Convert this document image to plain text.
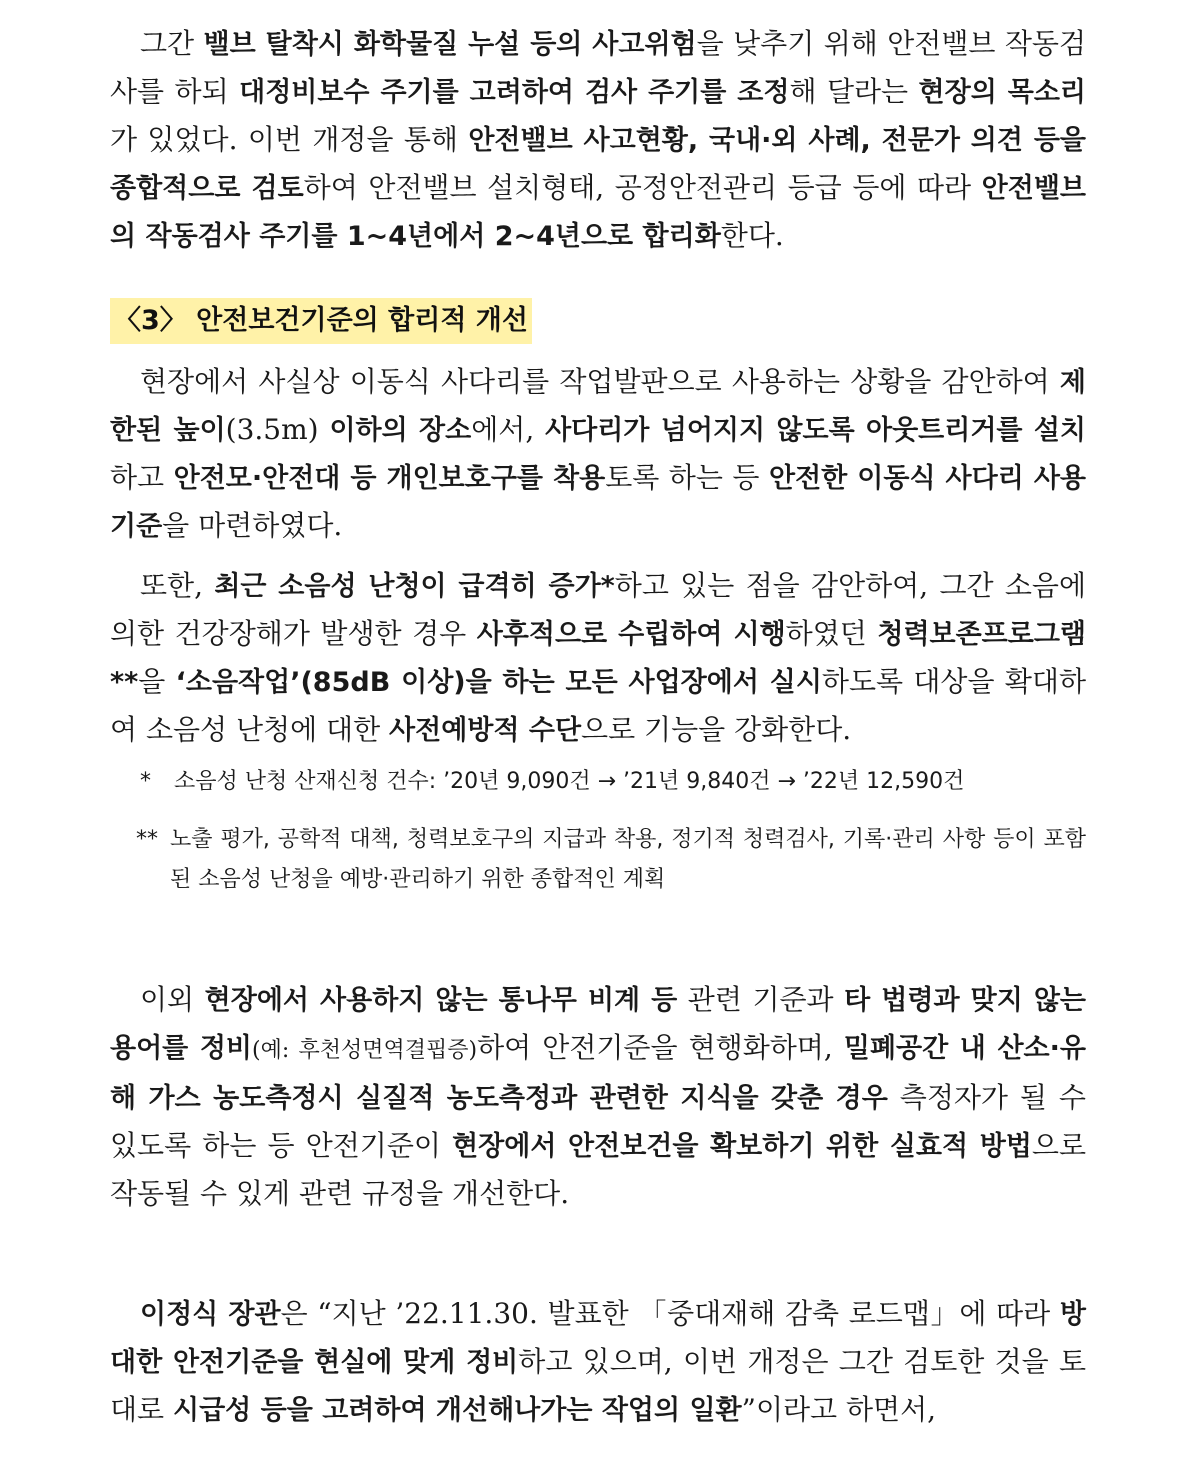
그간 밸브 탈착시 화학물질 누설 등의 사고위험을 낮추기 위해 안전밸브 작동검사를 하되 대정비보수 주기를 고려하여 검사 주기를 조정해 달라는 현장의 목소리가 있었다. 이번 개정을 통해 안전밸브 사고현황, 국내·외 사례, 전문가 의견 등을 종합적으로 검토하여 안전밸브 설치형태, 공정안전관리 등급 등에 따라 안전밸브의 작동검사 주기를 1~4년에서 2~4년으로 합리화한다.

〈3〉 안전보건기준의 합리적 개선

현장에서 사실상 이동식 사다리를 작업발판으로 사용하는 상황을 감안하여 제한된 높이(3.5m) 이하의 장소에서, 사다리가 넘어지지 않도록 아웃트리거를 설치하고 안전모·안전대 등 개인보호구를 착용토록 하는 등 안전한 이동식 사다리 사용기준을 마련하였다.

또한, 최근 소음성 난청이 급격히 증가*하고 있는 점을 감안하여, 그간 소음에 의한 건강장해가 발생한 경우 사후적으로 수립하여 시행하였던 청력보존프로그램**을 ‘소음작업’(85dB 이상)을 하는 모든 사업장에서 실시하도록 대상을 확대하여 소음성 난청에 대한 사전예방적 수단으로 기능을 강화한다.

* 소음성 난청 산재신청 건수: ’20년 9,090건 → ’21년 9,840건 → ’22년 12,590건
** 노출 평가, 공학적 대책, 청력보호구의 지급과 착용, 정기적 청력검사, 기록·관리 사항 등이 포함된 소음성 난청을 예방·관리하기 위한 종합적인 계획

이외 현장에서 사용하지 않는 통나무 비계 등 관련 기준과 타 법령과 맞지 않는 용어를 정비(예: 후천성면역결핍증)하여 안전기준을 현행화하며, 밀폐공간 내 산소·유해 가스 농도측정시 실질적 농도측정과 관련한 지식을 갖춘 경우 측정자가 될 수 있도록 하는 등 안전기준이 현장에서 안전보건을 확보하기 위한 실효적 방법으로 작동될 수 있게 관련 규정을 개선한다.

이정식 장관은 “지난 ’22.11.30. 발표한 「중대재해 감축 로드맵」에 따라 방대한 안전기준을 현실에 맞게 정비하고 있으며, 이번 개정은 그간 검토한 것을 토대로 시급성 등을 고려하여 개선해나가는 작업의 일환”이라고 하면서,
